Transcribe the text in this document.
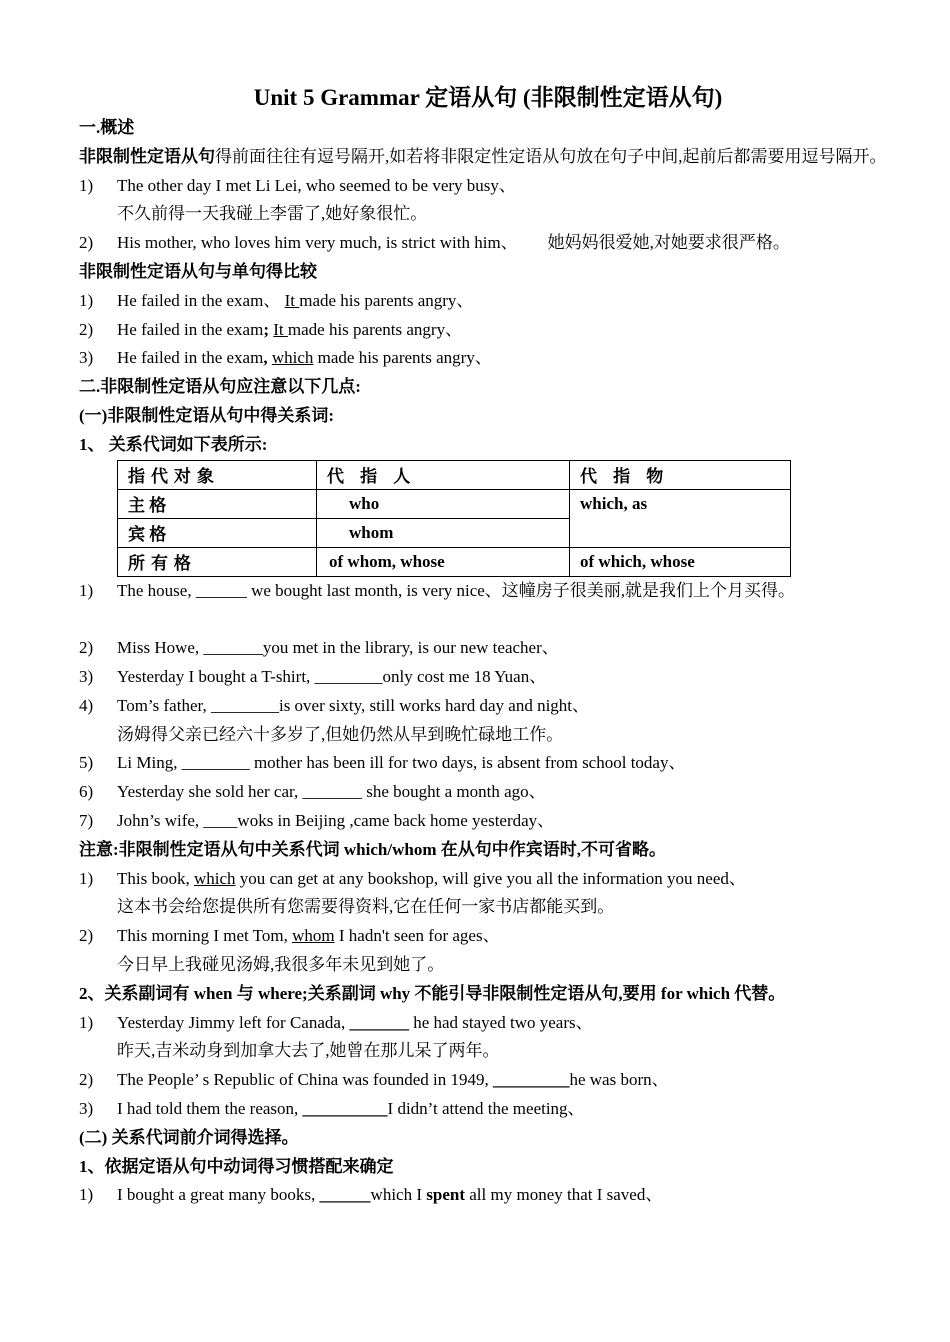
Unit 5 Grammar 定语从句 (非限制性定语从句)
一.概述
非限制性定语从句得前面往往有逗号隔开,如若将非限定性定语从句放在句子中间,起前后都需要用逗号隔开。
1) The other day I met Li Lei, who seemed to be very busy、
不久前得一天我碰上李雷了,她好象很忙。
2) His mother, who loves him very much, is strict with him、 她妈妈很爱她,对她要求很严格。
非限制性定语从句与单句得比较
1) He failed in the exam、 It made his parents angry、
2) He failed in the exam; It made his parents angry、
3) He failed in the exam, which made his parents angry、
二.非限制性定语从句应注意以下几点:
(一)非限制性定语从句中得关系词:
1、 关系代词如下表所示:
指代对象	代 指 人	代 指 物
主 格	who	which, as
宾 格	whom	
所有格	of whom, whose	of which, whose
1) The house, ______ we bought last month, is very nice、这幢房子很美丽,就是我们上个月买得。
2) Miss Howe, _______you met in the library, is our new teacher、
3) Yesterday I bought a T-shirt, ________only cost me 18 Yuan、
4) Tom’s father, ________is over sixty, still works hard day and night、
汤姆得父亲已经六十多岁了,但她仍然从早到晚忙碌地工作。
5) Li Ming, ________ mother has been ill for two days, is absent from school today、
6) Yesterday she sold her car, _______ she bought a month ago、
7) John’s wife, ____woks in Beijing ,came back home yesterday、
注意:非限制性定语从句中关系代词 which/whom 在从句中作宾语时,不可省略。
1) This book, which you can get at any bookshop, will give you all the information you need、
这本书会给您提供所有您需要得资料,它在任何一家书店都能买到。
2) This morning I met Tom, whom I hadn't seen for ages、
今日早上我碰见汤姆,我很多年未见到她了。
2、关系副词有 when 与 where;关系副词 why 不能引导非限制性定语从句,要用 for which 代替。
1) Yesterday Jimmy left for Canada, _______ he had stayed two years、
昨天,吉米动身到加拿大去了,她曾在那儿呆了两年。
2) The People’ s Republic of China was founded in 1949, _________he was born、
3) I had told them the reason, __________I didn’t attend the meeting、
(二) 关系代词前介词得选择。
1、依据定语从句中动词得习惯搭配来确定
1) I bought a great many books, ______which I spent all my money that I saved、
